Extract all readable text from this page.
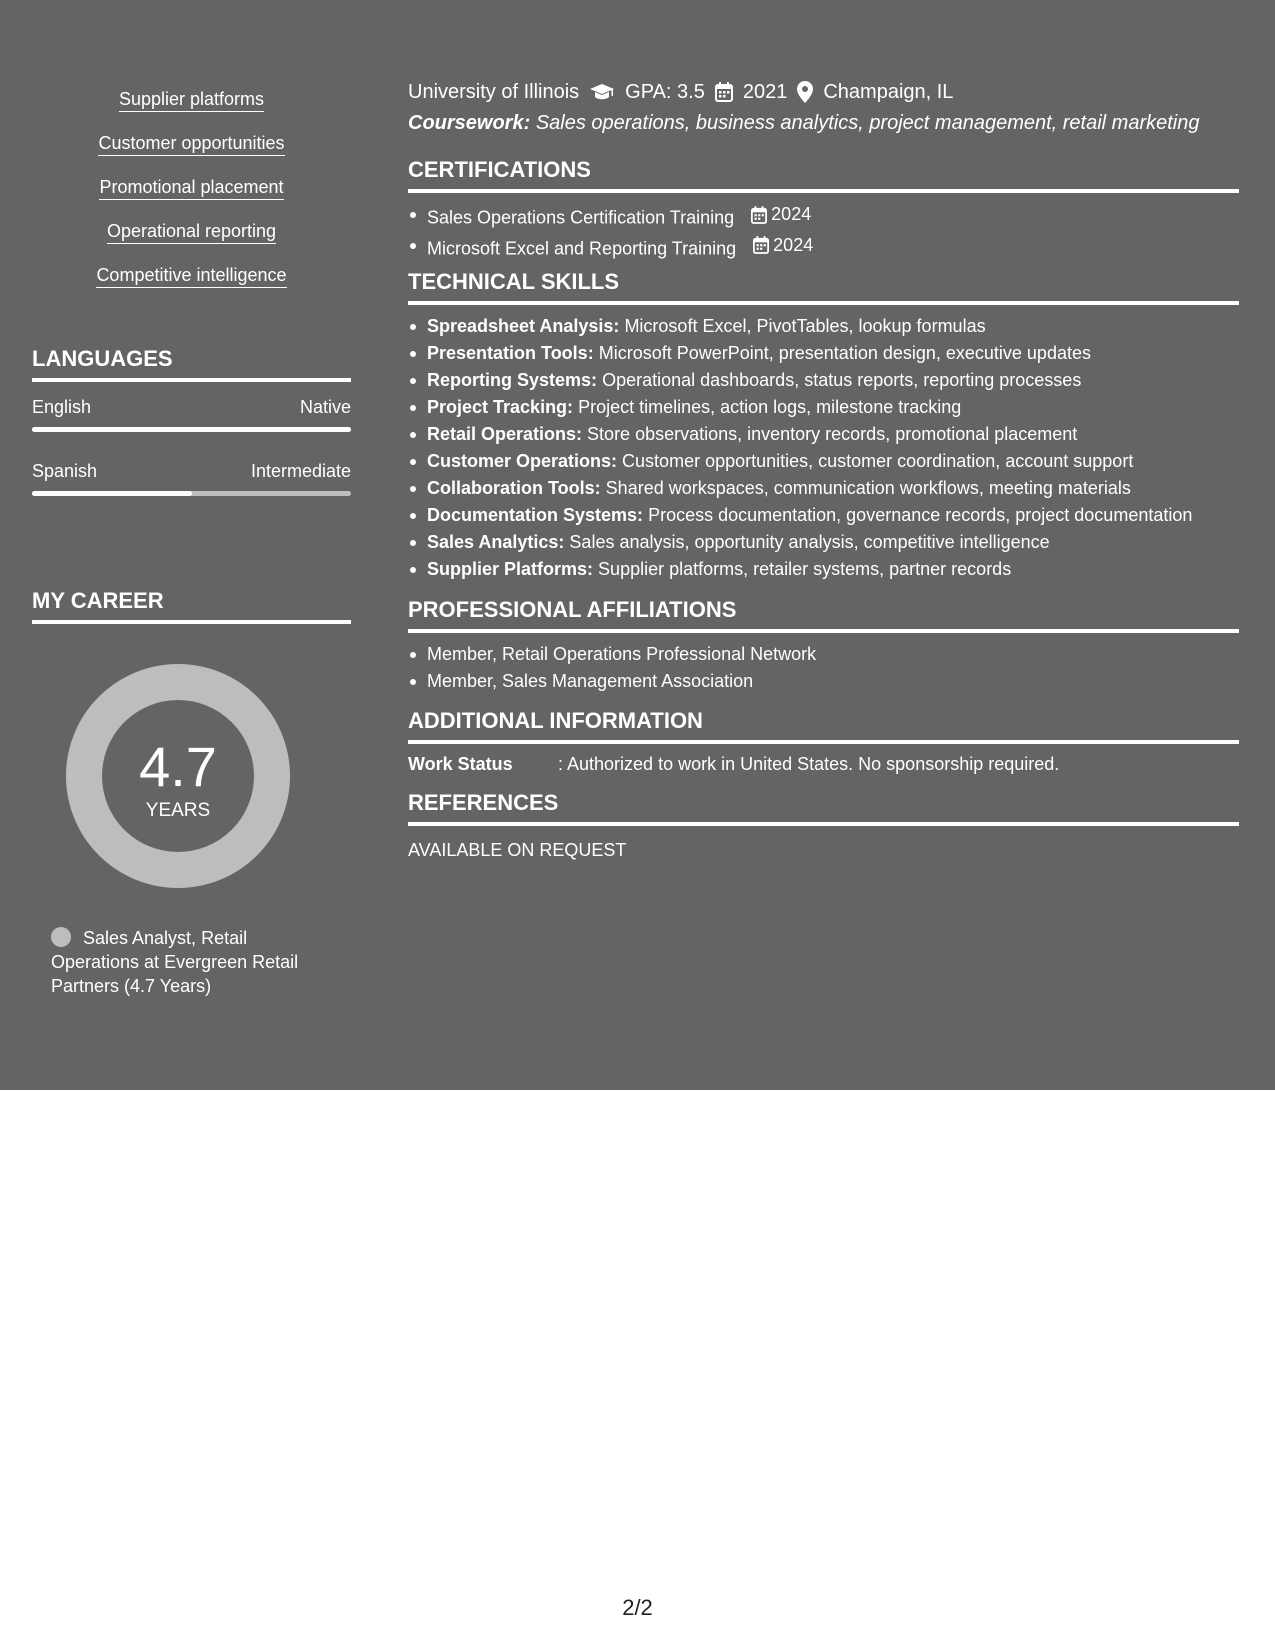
Supplier platforms
Customer opportunities
Promotional placement
Operational reporting
Competitive intelligence
LANGUAGES
English	Native
Spanish	Intermediate
MY CAREER
4.7
YEARS
Sales Analyst, Retail Operations at Evergreen Retail Partners (4.7 Years)
University of Illinois GPA: 3.5 2021 Champaign, IL
Coursework: Sales operations, business analytics, project management, retail marketing
CERTIFICATIONS
Sales Operations Certification Training 2024
Microsoft Excel and Reporting Training 2024
TECHNICAL SKILLS
Spreadsheet Analysis: Microsoft Excel, PivotTables, lookup formulas
Presentation Tools: Microsoft PowerPoint, presentation design, executive updates
Reporting Systems: Operational dashboards, status reports, reporting processes
Project Tracking: Project timelines, action logs, milestone tracking
Retail Operations: Store observations, inventory records, promotional placement
Customer Operations: Customer opportunities, customer coordination, account support
Collaboration Tools: Shared workspaces, communication workflows, meeting materials
Documentation Systems: Process documentation, governance records, project documentation
Sales Analytics: Sales analysis, opportunity analysis, competitive intelligence
Supplier Platforms: Supplier platforms, retailer systems, partner records
PROFESSIONAL AFFILIATIONS
Member, Retail Operations Professional Network
Member, Sales Management Association
ADDITIONAL INFORMATION
Work Status	: Authorized to work in United States. No sponsorship required.
REFERENCES
AVAILABLE ON REQUEST
2/2
